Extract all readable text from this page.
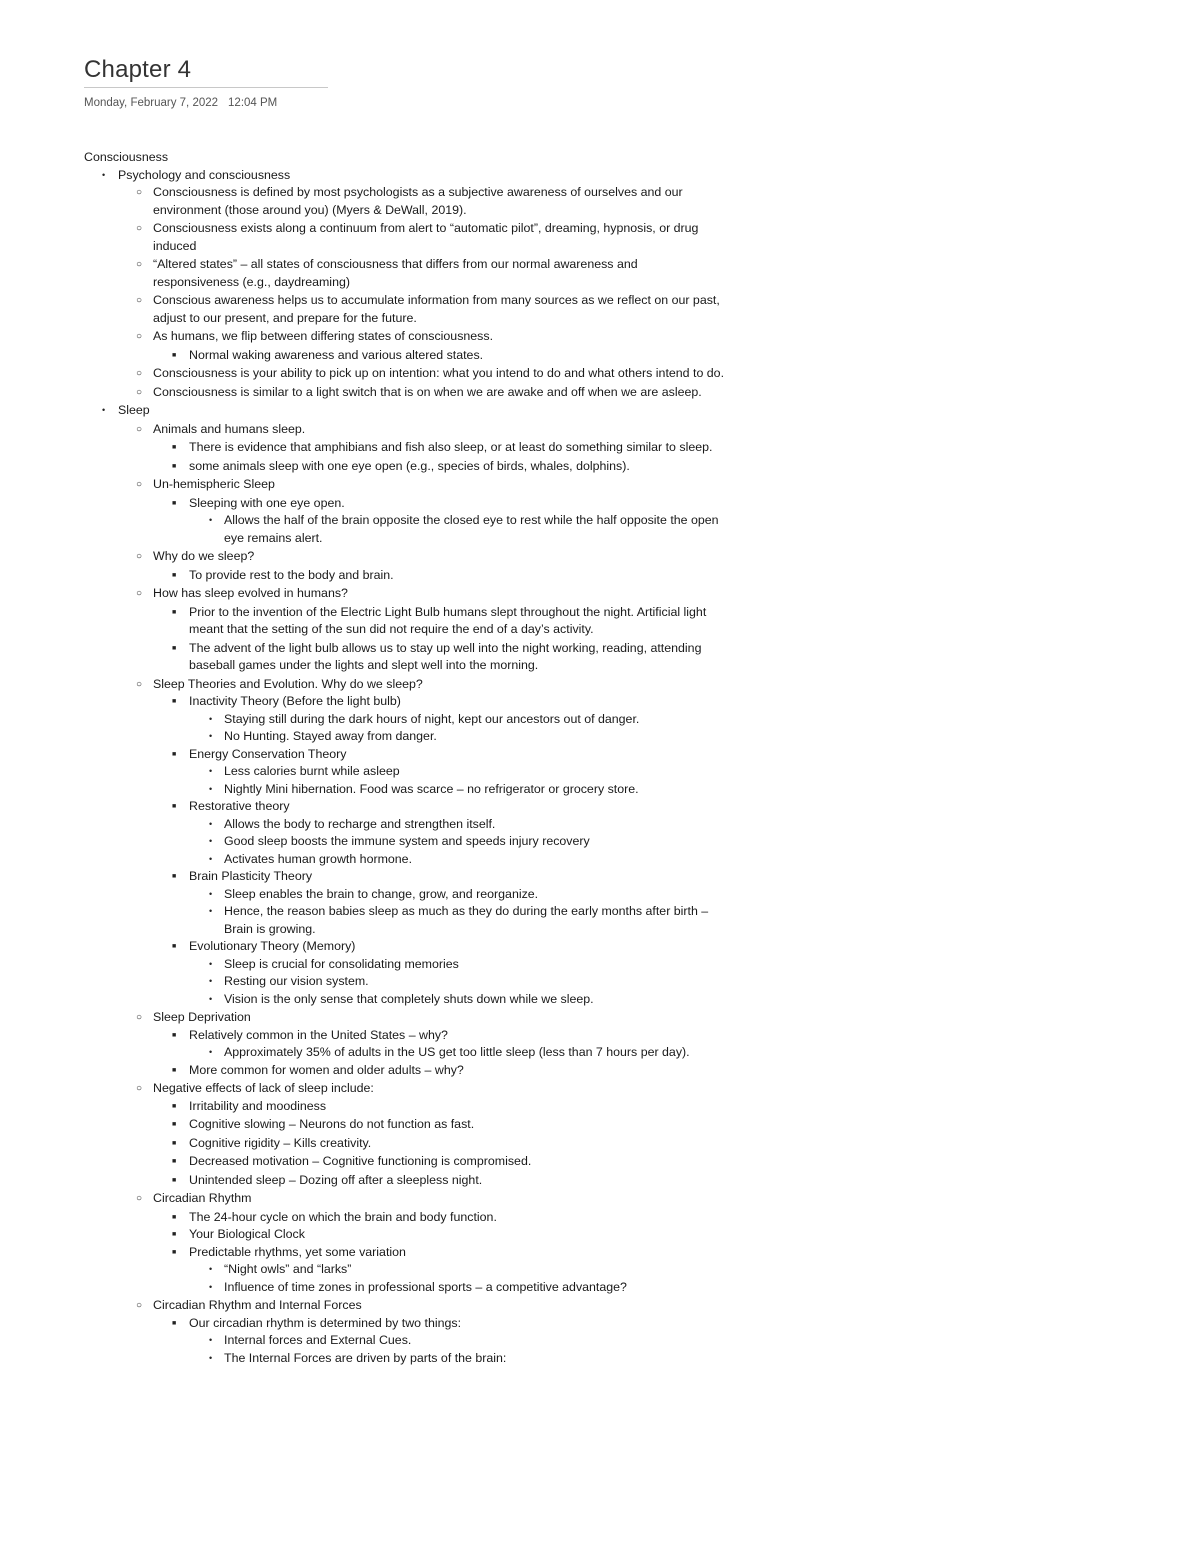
Chapter 4
Monday, February 7, 2022 12:04 PM
Consciousness
• Psychology and consciousness
○ Consciousness is defined by most psychologists as a subjective awareness of ourselves and our environment (those around you) (Myers & DeWall, 2019).
○ Consciousness exists along a continuum from alert to “automatic pilot”, dreaming, hypnosis, or drug induced
○ “Altered states” – all states of consciousness that differs from our normal awareness and responsiveness (e.g., daydreaming)
○ Conscious awareness helps us to accumulate information from many sources as we reflect on our past, adjust to our present, and prepare for the future.
○ As humans, we flip between differing states of consciousness.
■ Normal waking awareness and various altered states.
○ Consciousness is your ability to pick up on intention: what you intend to do and what others intend to do.
○ Consciousness is similar to a light switch that is on when we are awake and off when we are asleep.
• Sleep
○ Animals and humans sleep.
■ There is evidence that amphibians and fish also sleep, or at least do something similar to sleep.
■ some animals sleep with one eye open (e.g., species of birds, whales, dolphins).
○ Un-hemispheric Sleep
■ Sleeping with one eye open.
• Allows the half of the brain opposite the closed eye to rest while the half opposite the open eye remains alert.
○ Why do we sleep?
■ To provide rest to the body and brain.
○ How has sleep evolved in humans?
■ Prior to the invention of the Electric Light Bulb humans slept throughout the night. Artificial light meant that the setting of the sun did not require the end of a day’s activity.
■ The advent of the light bulb allows us to stay up well into the night working, reading, attending baseball games under the lights and slept well into the morning.
○ Sleep Theories and Evolution. Why do we sleep?
■ Inactivity Theory (Before the light bulb)
• Staying still during the dark hours of night, kept our ancestors out of danger.
• No Hunting. Stayed away from danger.
■ Energy Conservation Theory
• Less calories burnt while asleep
• Nightly Mini hibernation. Food was scarce – no refrigerator or grocery store.
■ Restorative theory
• Allows the body to recharge and strengthen itself.
• Good sleep boosts the immune system and speeds injury recovery
• Activates human growth hormone.
■ Brain Plasticity Theory
• Sleep enables the brain to change, grow, and reorganize.
• Hence, the reason babies sleep as much as they do during the early months after birth – Brain is growing.
■ Evolutionary Theory (Memory)
• Sleep is crucial for consolidating memories
• Resting our vision system.
• Vision is the only sense that completely shuts down while we sleep.
○ Sleep Deprivation
■ Relatively common in the United States – why?
• Approximately 35% of adults in the US get too little sleep (less than 7 hours per day).
■ More common for women and older adults – why?
○ Negative effects of lack of sleep include:
■ Irritability and moodiness
■ Cognitive slowing – Neurons do not function as fast.
■ Cognitive rigidity – Kills creativity.
■ Decreased motivation – Cognitive functioning is compromised.
■ Unintended sleep – Dozing off after a sleepless night.
○ Circadian Rhythm
■ The 24-hour cycle on which the brain and body function.
■ Your Biological Clock
■ Predictable rhythms, yet some variation
• “Night owls” and “larks”
• Influence of time zones in professional sports – a competitive advantage?
○ Circadian Rhythm and Internal Forces
■ Our circadian rhythm is determined by two things:
• Internal forces and External Cues.
• The Internal Forces are driven by parts of the brain:
